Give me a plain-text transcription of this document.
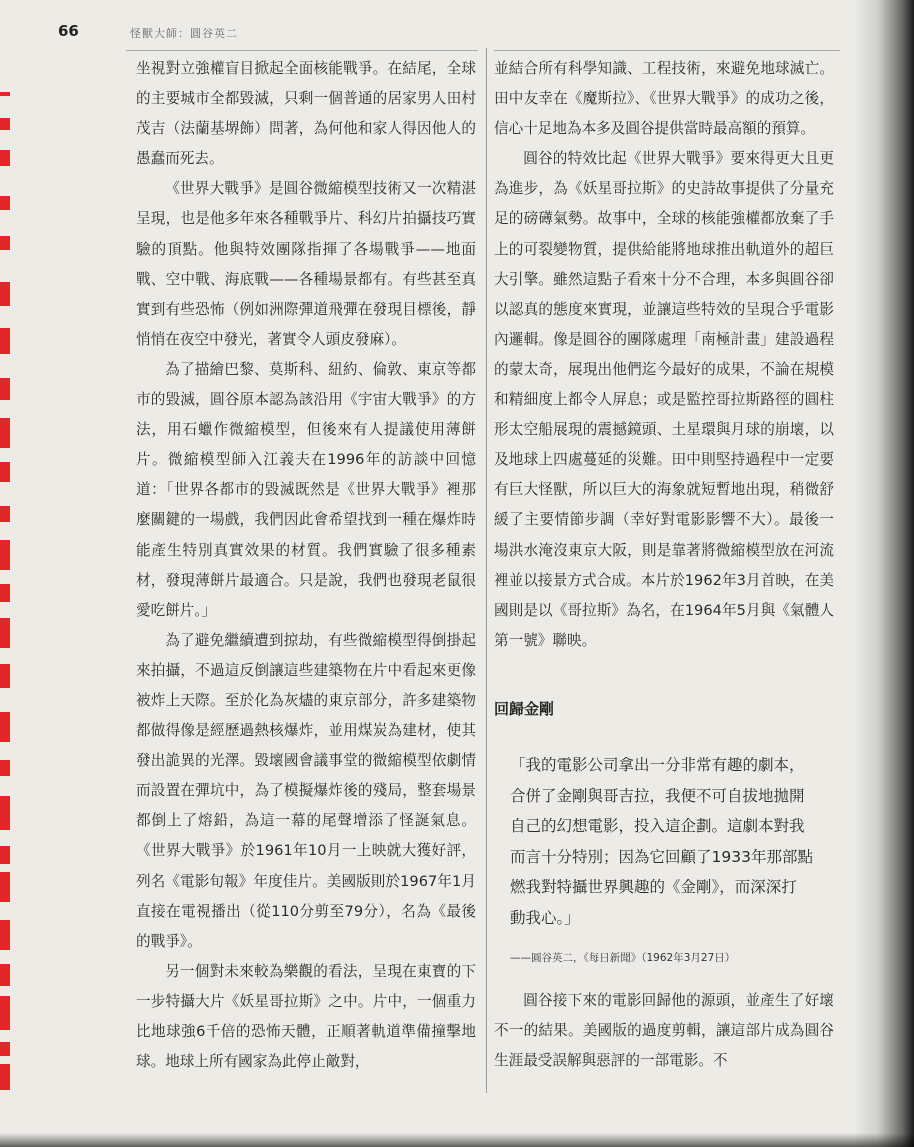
66	怪獸大師：圓谷英二

坐視對立強權盲目掀起全面核能戰爭。在結尾，全球的主要城市全都毀滅，只剩一個普通的居家男人田村茂吉（法蘭基堺飾）問著，為何他和家人得因他人的愚蠢而死去。

《世界大戰爭》是圓谷微縮模型技術又一次精湛呈現，也是他多年來各種戰爭片、科幻片拍攝技巧實驗的頂點。他與特效團隊指揮了各場戰爭——地面戰、空中戰、海底戰——各種場景都有。有些甚至真實到有些恐怖（例如洲際彈道飛彈在發現目標後，靜悄悄在夜空中發光，著實令人頭皮發麻）。

為了描繪巴黎、莫斯科、紐約、倫敦、東京等都市的毀滅，圓谷原本認為該沿用《宇宙大戰爭》的方法，用石蠟作微縮模型，但後來有人提議使用薄餅片。微縮模型師入江義夫在1996年的訪談中回憶道：「世界各都市的毀滅既然是《世界大戰爭》裡那麼關鍵的一場戲，我們因此會希望找到一種在爆炸時能產生特別真實效果的材質。我們實驗了很多種素材，發現薄餅片最適合。只是說，我們也發現老鼠很愛吃餅片。」

為了避免繼續遭到掠劫，有些微縮模型得倒掛起來拍攝，不過這反倒讓這些建築物在片中看起來更像被炸上天際。至於化為灰燼的東京部分，許多建築物都做得像是經歷過熱核爆炸，並用煤炭為建材，使其發出詭異的光澤。毀壞國會議事堂的微縮模型依劇情而設置在彈坑中，為了模擬爆炸後的殘局，整套場景都倒上了熔鉛，為這一幕的尾聲增添了怪誕氣息。《世界大戰爭》於1961年10月一上映就大獲好評，列名《電影旬報》年度佳片。美國版則於1967年1月直接在電視播出（從110分剪至79分），名為《最後的戰爭》。

另一個對未來較為樂觀的看法，呈現在東寶的下一步特攝大片《妖星哥拉斯》之中。片中，一個重力比地球強6千倍的恐怖天體，正順著軌道準備撞擊地球。地球上所有國家為此停止敵對，

並結合所有科學知識、工程技術，來避免地球滅亡。田中友幸在《魔斯拉》、《世界大戰爭》的成功之後，信心十足地為本多及圓谷提供當時最高額的預算。

圓谷的特效比起《世界大戰爭》要來得更大且更為進步，為《妖星哥拉斯》的史詩故事提供了分量充足的磅礡氣勢。故事中，全球的核能強權都放棄了手上的可裂變物質，提供給能將地球推出軌道外的超巨大引擎。雖然這點子看來十分不合理，本多與圓谷卻以認真的態度來實現，並讓這些特效的呈現合乎電影內邏輯。像是圓谷的團隊處理「南極計畫」建設過程的蒙太奇，展現出他們迄今最好的成果，不論在規模和精細度上都令人屏息；或是監控哥拉斯路徑的圓柱形太空船展現的震撼鏡頭、土星環與月球的崩壞，以及地球上四處蔓延的災難。田中則堅持過程中一定要有巨大怪獸，所以巨大的海象就短暫地出現，稍微舒緩了主要情節步調（幸好對電影影響不大）。最後一場洪水淹沒東京大阪，則是靠著將微縮模型放在河流裡並以接景方式合成。本片於1962年3月首映，在美國則是以《哥拉斯》為名，在1964年5月與《氣體人第一號》聯映。

回歸金剛

「我的電影公司拿出一分非常有趣的劇本，

合併了金剛與哥吉拉，我便不可自拔地拋開

自己的幻想電影，投入這企劃。這劇本對我

而言十分特別；因為它回顧了1933年那部點

燃我對特攝世界興趣的《金剛》，而深深打

動我心。」

——圓谷英二，《每日新聞》（1962年3月27日）

圓谷接下來的電影回歸他的源頭，並產生了好壞不一的結果。美國版的過度剪輯，讓這部片成為圓谷生涯最受誤解與惡評的一部電影。不
